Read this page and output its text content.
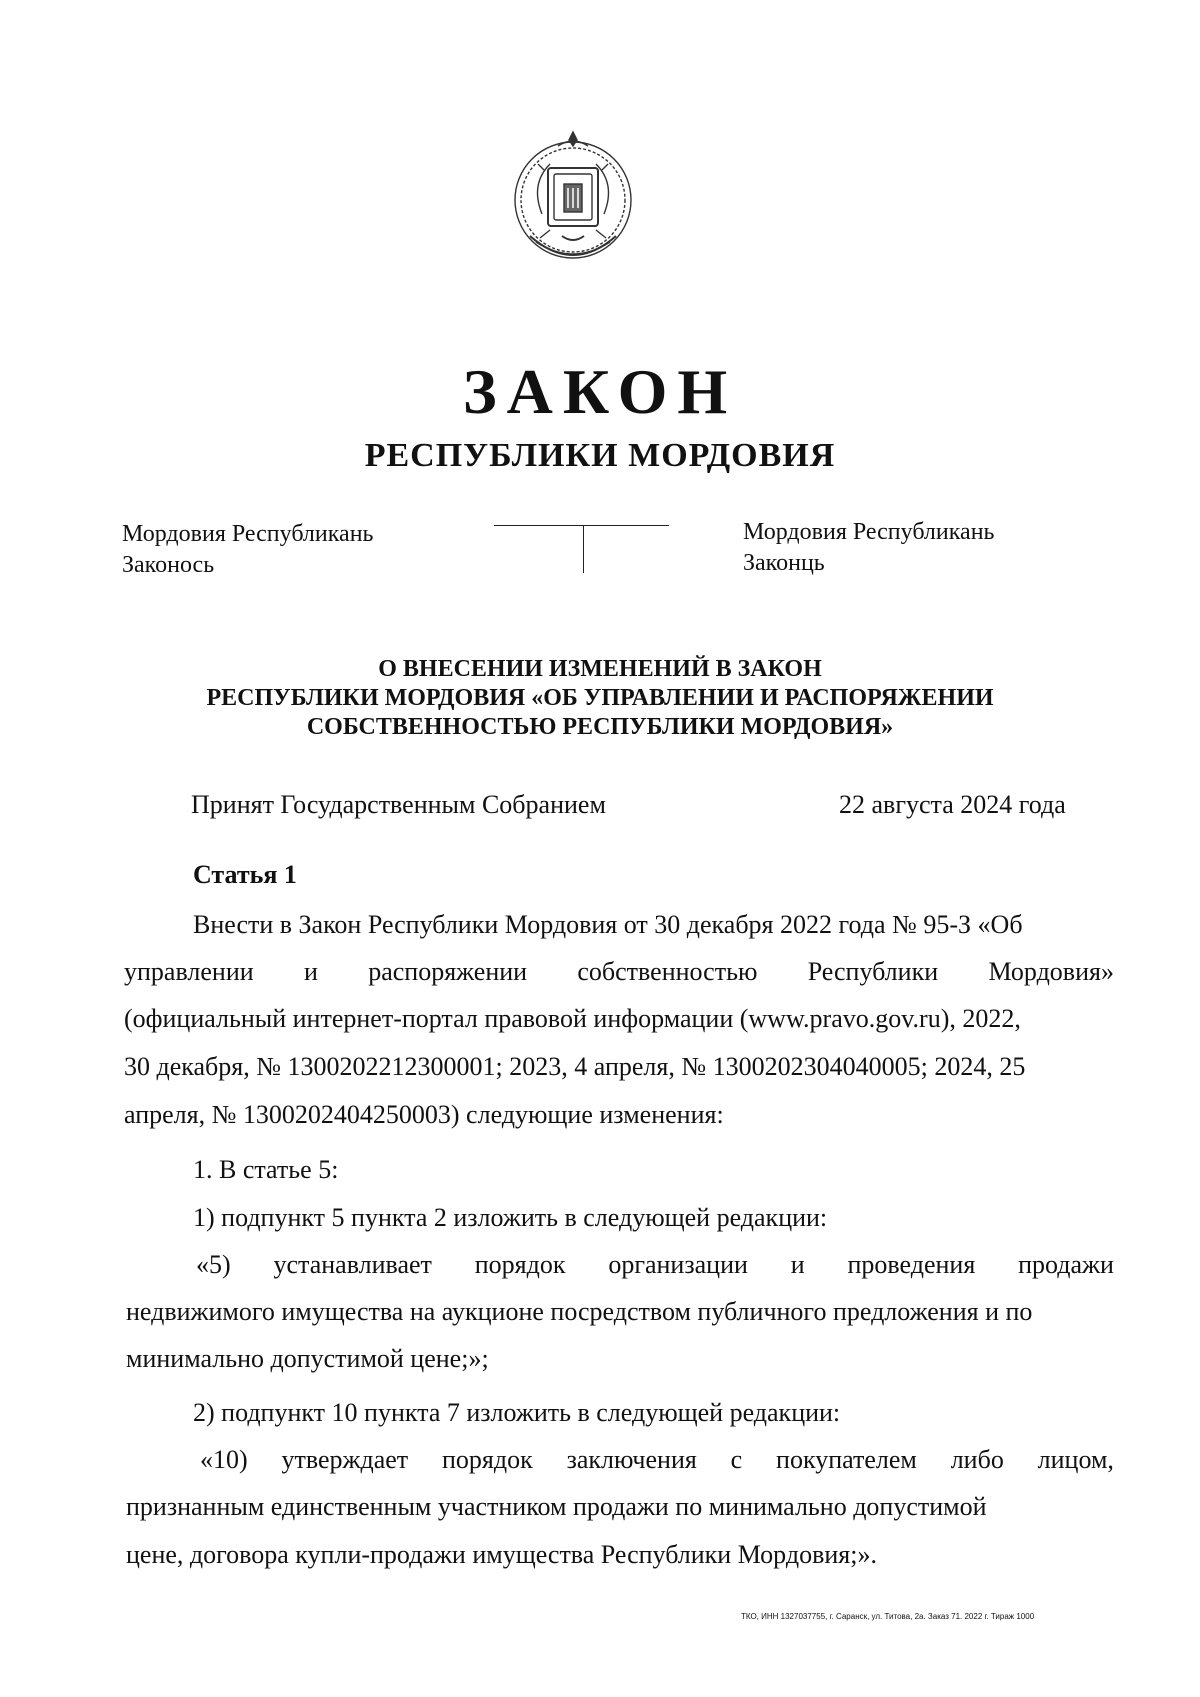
ЗАКОН
РЕСПУБЛИКИ МОРДОВИЯ
Мордовия Республикань
Законось
Мордовия Республикань
Законць
О ВНЕСЕНИИ ИЗМЕНЕНИЙ В ЗАКОН
РЕСПУБЛИКИ МОРДОВИЯ «ОБ УПРАВЛЕНИИ И РАСПОРЯЖЕНИИ
СОБСТВЕННОСТЬЮ РЕСПУБЛИКИ МОРДОВИЯ»
Принят Государственным Собранием	22 августа 2024 года
Статья 1
Внести в Закон Республики Мордовия от 30 декабря 2022 года № 95-З «Об
управлении и распоряжении собственностью Республики Мордовия»
(официальный интернет-портал правовой информации (www.pravo.gov.ru), 2022,
30 декабря, № 1300202212300001; 2023, 4 апреля, № 1300202304040005; 2024, 25
апреля, № 1300202404250003) следующие изменения:
1. В статье 5:
1) подпункт 5 пункта 2 изложить в следующей редакции:
«5) устанавливает порядок организации и проведения продажи
недвижимого имущества на аукционе посредством публичного предложения и по
минимально допустимой цене;»;
2) подпункт 10 пункта 7 изложить в следующей редакции:
«10) утверждает порядок заключения с покупателем либо лицом,
признанным единственным участником продажи по минимально допустимой
цене, договора купли-продажи имущества Республики Мордовия;».
ТКО, ИНН 1327037755, г. Саранск, ул. Титова, 2а. Заказ 71. 2022 г. Тираж 1000
